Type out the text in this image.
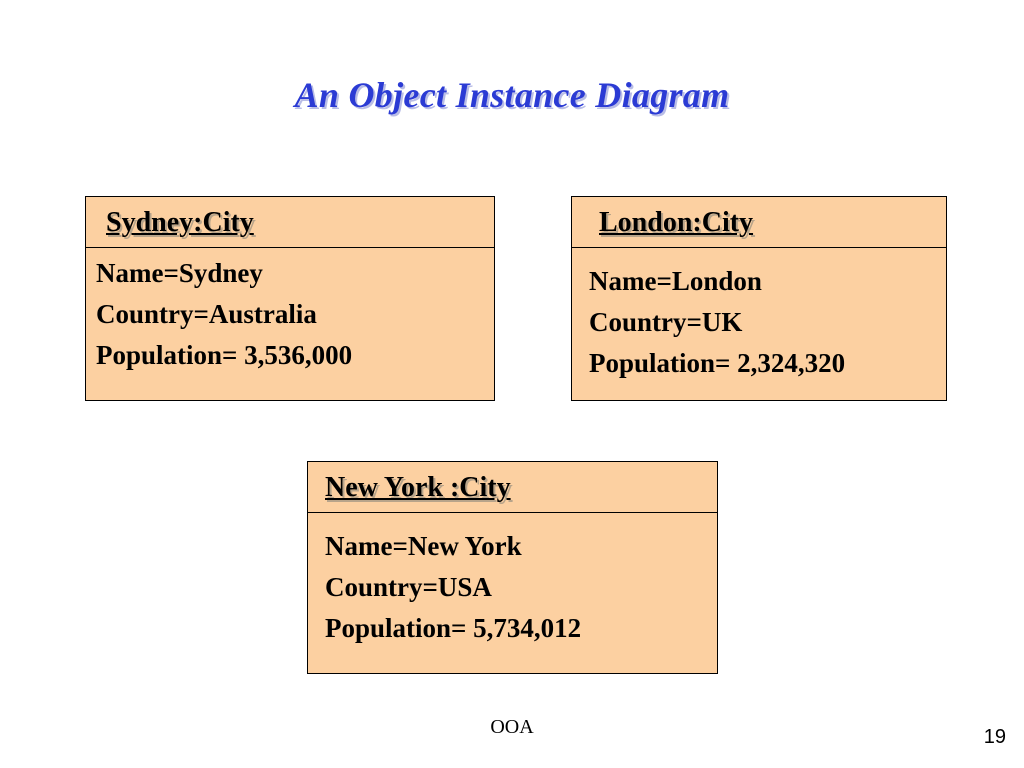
An Object Instance Diagram
Sydney:City
Name=Sydney
Country=Australia
Population= 3,536,000
London:City
Name=London
Country=UK
Population= 2,324,320
New York :City
Name=New York
Country=USA
Population= 5,734,012
OOA	19
